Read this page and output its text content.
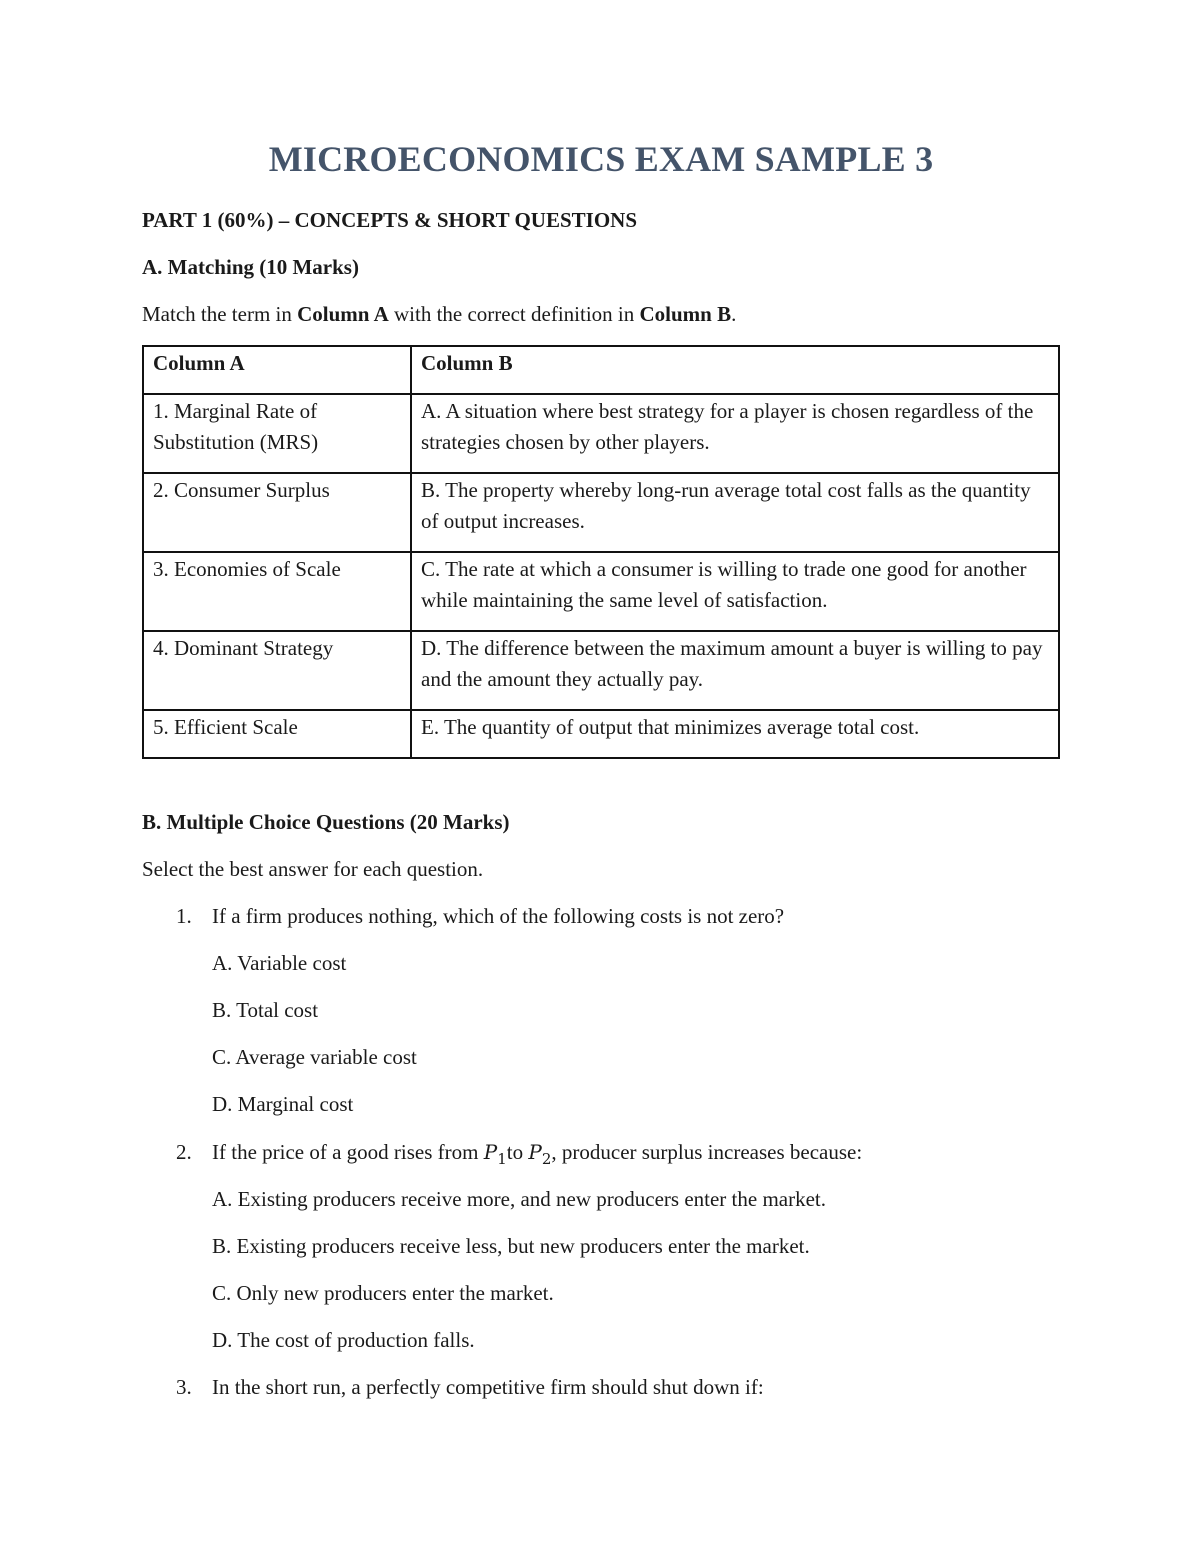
MICROECONOMICS EXAM SAMPLE 3

PART 1 (60%) – CONCEPTS & SHORT QUESTIONS

A. Matching (10 Marks)

Match the term in Column A with the correct definition in Column B.

Column A	Column B
1. Marginal Rate of Substitution (MRS)	A. A situation where best strategy for a player is chosen regardless of the strategies chosen by other players.
2. Consumer Surplus	B. The property whereby long-run average total cost falls as the quantity of output increases.
3. Economies of Scale	C. The rate at which a consumer is willing to trade one good for another while maintaining the same level of satisfaction.
4. Dominant Strategy	D. The difference between the maximum amount a buyer is willing to pay and the amount they actually pay.
5. Efficient Scale	E. The quantity of output that minimizes average total cost.

B. Multiple Choice Questions (20 Marks)

Select the best answer for each question.

1. If a firm produces nothing, which of the following costs is not zero?

A. Variable cost

B. Total cost

C. Average variable cost

D. Marginal cost

2. If the price of a good rises from $P_1to$ $P_2$, producer surplus increases because:

A. Existing producers receive more, and new producers enter the market.

B. Existing producers receive less, but new producers enter the market.

C. Only new producers enter the market.

D. The cost of production falls.

3. In the short run, a perfectly competitive firm should shut down if:
